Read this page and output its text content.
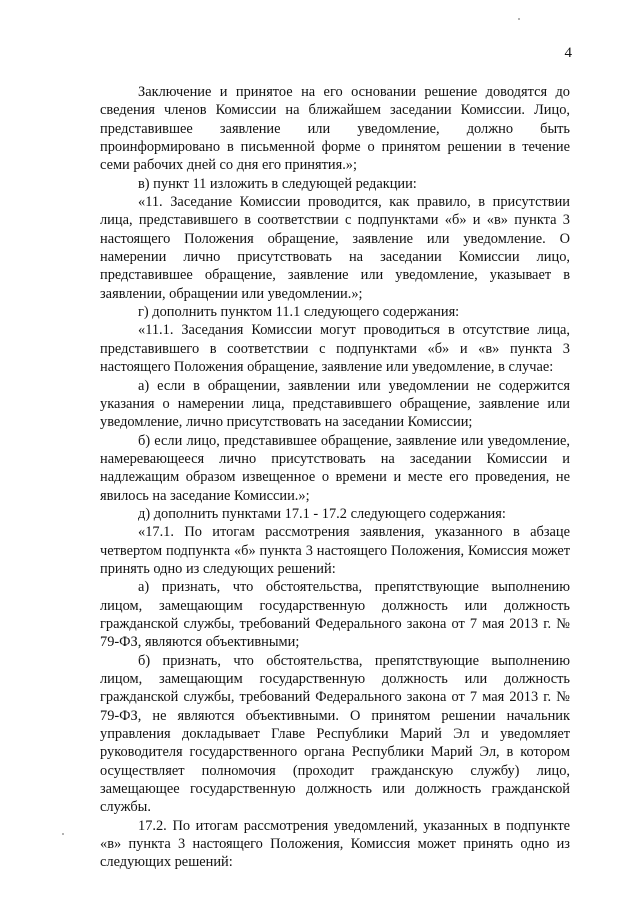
4

Заключение и принятое на его основании решение доводятся до сведения членов Комиссии на ближайшем заседании Комиссии. Лицо, представившее заявление или уведомление, должно быть проинформировано в письменной форме о принятом решении в течение семи рабочих дней со дня его принятия.»;

в) пункт 11 изложить в следующей редакции:

«11. Заседание Комиссии проводится, как правило, в присутствии лица, представившего в соответствии с подпунктами «б» и «в» пункта 3 настоящего Положения обращение, заявление или уведомление. О намерении лично присутствовать на заседании Комиссии лицо, представившее обращение, заявление или уведомление, указывает в заявлении, обращении или уведомлении.»;

г) дополнить пунктом 11.1 следующего содержания:

«11.1. Заседания Комиссии могут проводиться в отсутствие лица, представившего в соответствии с подпунктами «б» и «в» пункта 3 настоящего Положения обращение, заявление или уведомление, в случае:

а) если в обращении, заявлении или уведомлении не содержится указания о намерении лица, представившего обращение, заявление или уведомление, лично присутствовать на заседании Комиссии;

б) если лицо, представившее обращение, заявление или уведомление, намеревающееся лично присутствовать на заседании Комиссии и надлежащим образом извещенное о времени и месте его проведения, не явилось на заседание Комиссии.»;

д) дополнить пунктами 17.1 - 17.2 следующего содержания:

«17.1. По итогам рассмотрения заявления, указанного в абзаце четвертом подпункта «б» пункта 3 настоящего Положения, Комиссия может принять одно из следующих решений:

а) признать, что обстоятельства, препятствующие выполнению лицом, замещающим государственную должность или должность гражданской службы, требований Федерального закона от 7 мая 2013 г. № 79-ФЗ, являются объективными;

б) признать, что обстоятельства, препятствующие выполнению лицом, замещающим государственную должность или должность гражданской службы, требований Федерального закона от 7 мая 2013 г. № 79-ФЗ, не являются объективными. О принятом решении начальник управления докладывает Главе Республики Марий Эл и уведомляет руководителя государственного органа Республики Марий Эл, в котором осуществляет полномочия (проходит гражданскую службу) лицо, замещающее государственную должность или должность гражданской службы.

17.2. По итогам рассмотрения уведомлений, указанных в подпункте «в» пункта 3 настоящего Положения, Комиссия может принять одно из следующих решений:
